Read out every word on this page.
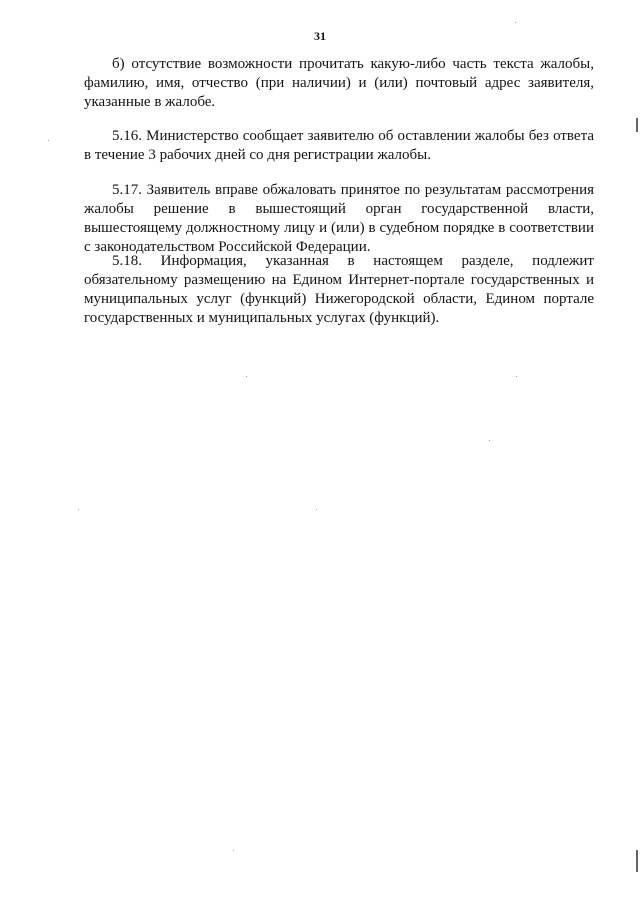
31

б) отсутствие возможности прочитать какую-либо часть текста жалобы, фамилию, имя, отчество (при наличии) и (или) почтовый адрес заявителя, указанные в жалобе.

5.16. Министерство сообщает заявителю об оставлении жалобы без ответа в течение 3 рабочих дней со дня регистрации жалобы.

5.17. Заявитель вправе обжаловать принятое по результатам рассмотрения жалобы решение в вышестоящий орган государственной власти, вышестоящему должностному лицу и (или) в судебном порядке в соответствии с законодательством Российской Федерации.

5.18. Информация, указанная в настоящем разделе, подлежит обязательному размещению на Едином Интернет-портале государственных и муниципальных услуг (функций) Нижегородской области, Едином портале государственных и муниципальных услугах (функций).
